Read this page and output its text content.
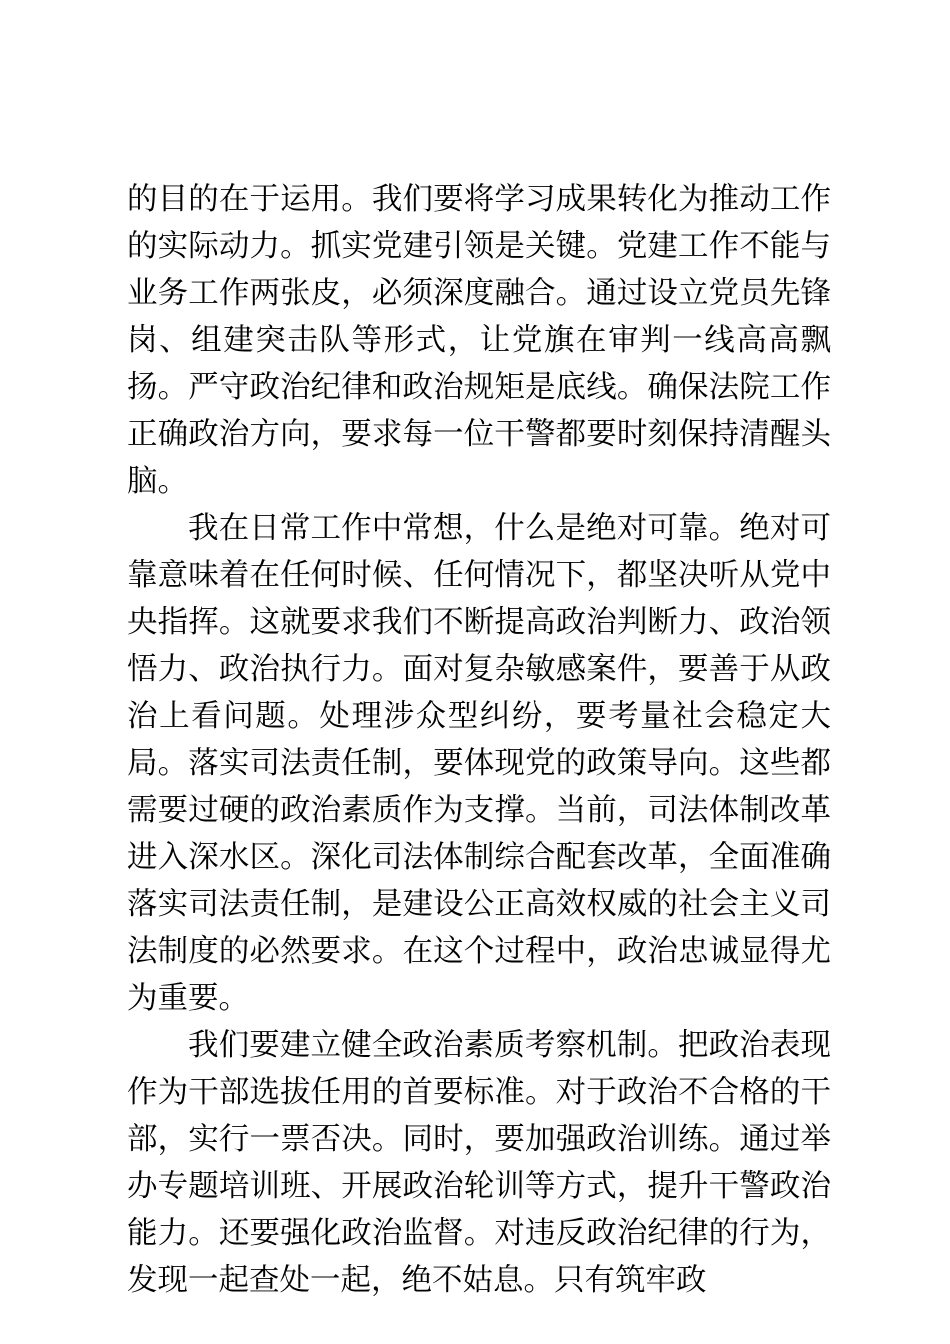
的目的在于运用。我们要将学习成果转化为推动工作的实际动力。抓实党建引领是关键。党建工作不能与业务工作两张皮，必须深度融合。通过设立党员先锋岗、组建突击队等形式，让党旗在审判一线高高飘扬。严守政治纪律和政治规矩是底线。确保法院工作正确政治方向，要求每一位干警都要时刻保持清醒头脑。

我在日常工作中常想，什么是绝对可靠。绝对可靠意味着在任何时候、任何情况下，都坚决听从党中央指挥。这就要求我们不断提高政治判断力、政治领悟力、政治执行力。面对复杂敏感案件，要善于从政治上看问题。处理涉众型纠纷，要考量社会稳定大局。落实司法责任制，要体现党的政策导向。这些都需要过硬的政治素质作为支撑。当前，司法体制改革进入深水区。深化司法体制综合配套改革，全面准确落实司法责任制，是建设公正高效权威的社会主义司法制度的必然要求。在这个过程中，政治忠诚显得尤为重要。

我们要建立健全政治素质考察机制。把政治表现作为干部选拔任用的首要标准。对于政治不合格的干部，实行一票否决。同时，要加强政治训练。通过举办专题培训班、开展政治轮训等方式，提升干警政治能力。还要强化政治监督。对违反政治纪律的行为，发现一起查处一起，绝不姑息。只有筑牢政
